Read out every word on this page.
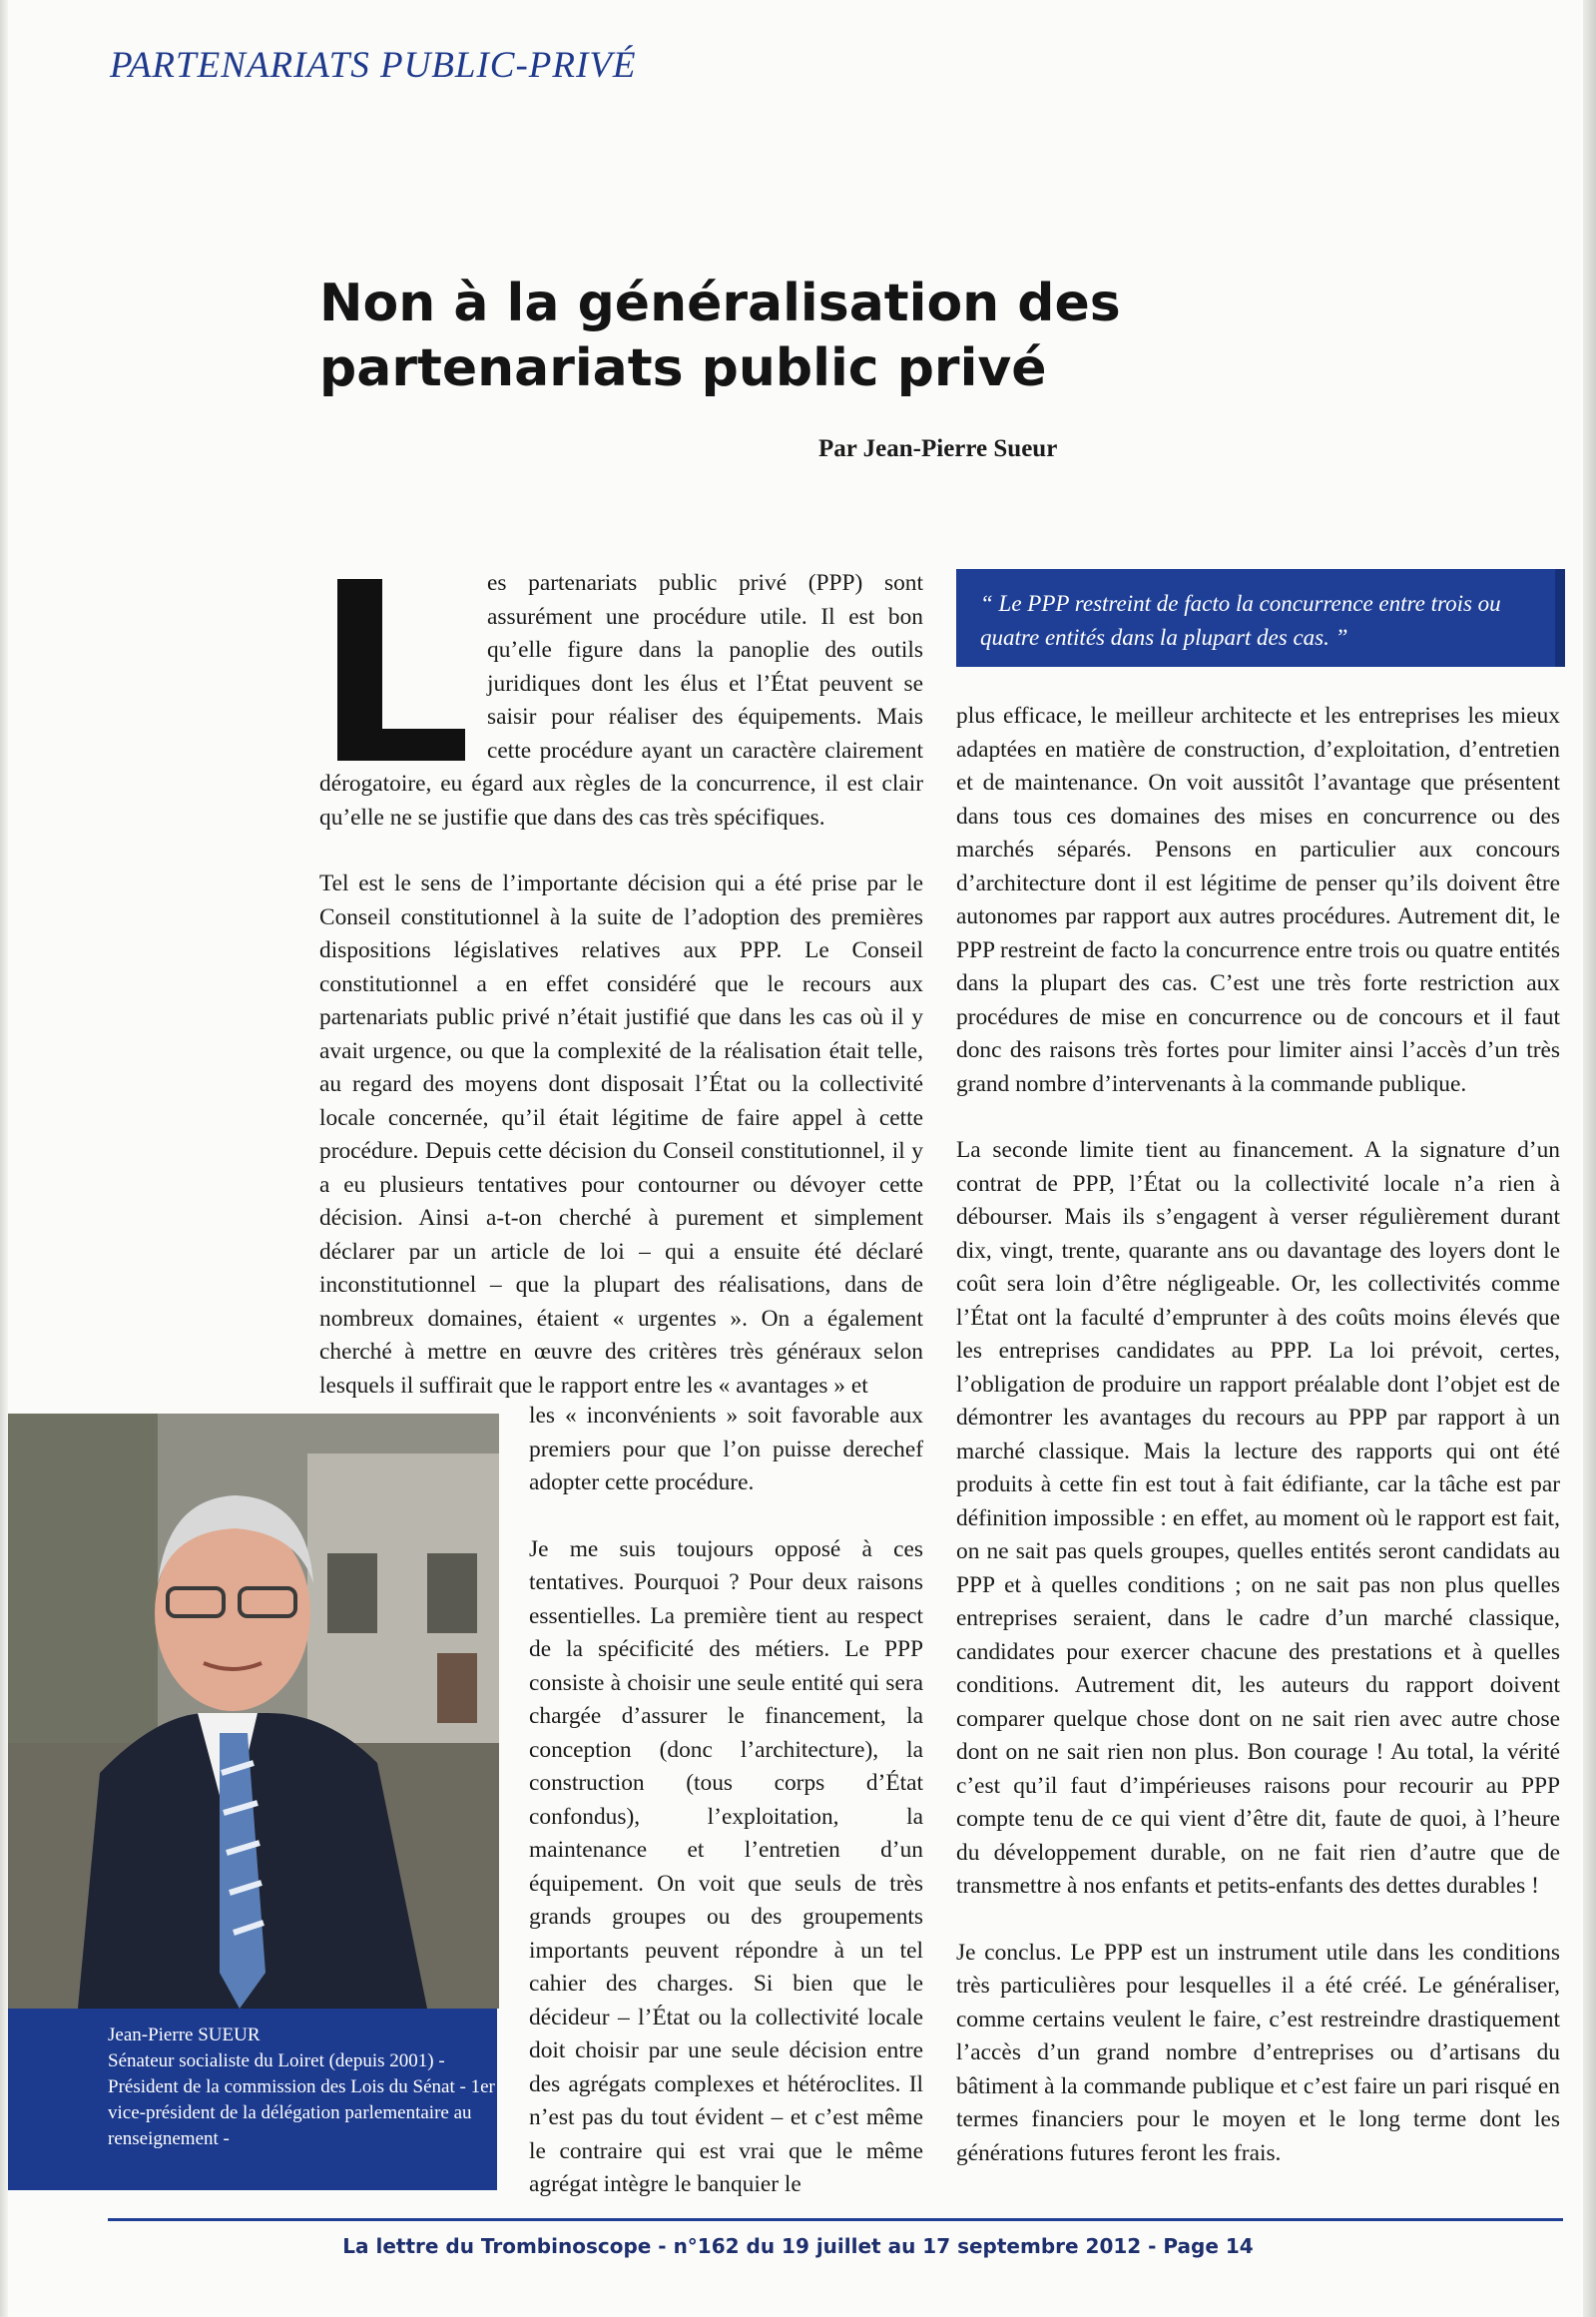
PARTENARIATS PUBLIC-PRIVÉ
Non à la généralisation des
partenariats public privé
Par Jean-Pierre Sueur

es partenariats public privé (PPP) sont assurément une procédure utile. Il est bon qu’elle figure dans la panoplie des outils juridiques dont les élus et l’État peuvent se saisir pour réaliser des équipements. Mais cette procédure ayant un caractère clairement dérogatoire, eu égard aux règles de la concurrence, il est clair qu’elle ne se justifie que dans des cas très spécifiques.

Tel est le sens de l’importante décision qui a été prise par le Conseil constitutionnel à la suite de l’adoption des premières dispositions législatives relatives aux PPP. Le Conseil constitutionnel a en effet considéré que le recours aux partenariats public privé n’était justifié que dans les cas où il y avait urgence, ou que la complexité de la réalisation était telle, au regard des moyens dont disposait l’État ou la collectivité locale concernée, qu’il était légitime de faire appel à cette procédure. Depuis cette décision du Conseil constitutionnel, il y a eu plusieurs tentatives pour contourner ou dévoyer cette décision. Ainsi a-t-on cherché à purement et simplement déclarer par un article de loi – qui a ensuite été déclaré inconstitutionnel – que la plupart des réalisations, dans de nombreux domaines, étaient « urgentes ». On a également cherché à mettre en œuvre des critères très généraux selon lesquels il suffirait que le rapport entre les « avantages » et

Jean-Pierre SUEUR
Sénateur socialiste du Loiret (depuis 2001) - Président de la commission des Lois du Sénat - 1er vice-président de la délégation parlementaire au renseignement -

les « inconvénients » soit favorable aux premiers pour que l’on puisse derechef adopter cette procédure.

Je me suis toujours opposé à ces tentatives. Pourquoi ? Pour deux raisons essentielles. La première tient au respect de la spécificité des métiers. Le PPP consiste à choisir une seule entité qui sera chargée d’assurer le financement, la conception (donc l’architecture), la construction (tous corps d’État confondus), l’exploitation, la maintenance et l’entretien d’un équipement. On voit que seuls de très grands groupes ou des groupements importants peuvent répondre à un tel cahier des charges. Si bien que le décideur – l’État ou la collectivité locale doit choisir par une seule décision entre des agrégats complexes et hétéroclites. Il n’est pas du tout évident – et c’est même le contraire qui est vrai que le même agrégat intègre le banquier le

“ Le PPP restreint de facto la concurrence entre trois ou quatre entités dans la plupart des cas. ”

plus efficace, le meilleur architecte et les entreprises les mieux adaptées en matière de construction, d’exploitation, d’entretien et de maintenance. On voit aussitôt l’avantage que présentent dans tous ces domaines des mises en concurrence ou des marchés séparés. Pensons en particulier aux concours d’architecture dont il est légitime de penser qu’ils doivent être autonomes par rapport aux autres procédures. Autrement dit, le PPP restreint de facto la concurrence entre trois ou quatre entités dans la plupart des cas. C’est une très forte restriction aux procédures de mise en concurrence ou de concours et il faut donc des raisons très fortes pour limiter ainsi l’accès d’un très grand nombre d’intervenants à la commande publique.

La seconde limite tient au financement. A la signature d’un contrat de PPP, l’État ou la collectivité locale n’a rien à débourser. Mais ils s’engagent à verser régulièrement durant dix, vingt, trente, quarante ans ou davantage des loyers dont le coût sera loin d’être négligeable. Or, les collectivités comme l’État ont la faculté d’emprunter à des coûts moins élevés que les entreprises candidates au PPP. La loi prévoit, certes, l’obligation de produire un rapport préalable dont l’objet est de démontrer les avantages du recours au PPP par rapport à un marché classique. Mais la lecture des rapports qui ont été produits à cette fin est tout à fait édifiante, car la tâche est par définition impossible : en effet, au moment où le rapport est fait, on ne sait pas quels groupes, quelles entités seront candidats au PPP et à quelles conditions ; on ne sait pas non plus quelles entreprises seraient, dans le cadre d’un marché classique, candidates pour exercer chacune des prestations et à quelles conditions. Autrement dit, les auteurs du rapport doivent comparer quelque chose dont on ne sait rien avec autre chose dont on ne sait rien non plus. Bon courage ! Au total, la vérité c’est qu’il faut d’impérieuses raisons pour recourir au PPP compte tenu de ce qui vient d’être dit, faute de quoi, à l’heure du développement durable, on ne fait rien d’autre que de transmettre à nos enfants et petits-enfants des dettes durables !

Je conclus. Le PPP est un instrument utile dans les conditions très particulières pour lesquelles il a été créé. Le généraliser, comme certains veulent le faire, c’est restreindre drastiquement l’accès d’un grand nombre d’entreprises ou d’artisans du bâtiment à la commande publique et c’est faire un pari risqué en termes financiers pour le moyen et le long terme dont les générations futures feront les frais.

La lettre du Trombinoscope - n°162 du 19 juillet au 17 septembre 2012 - Page 14
